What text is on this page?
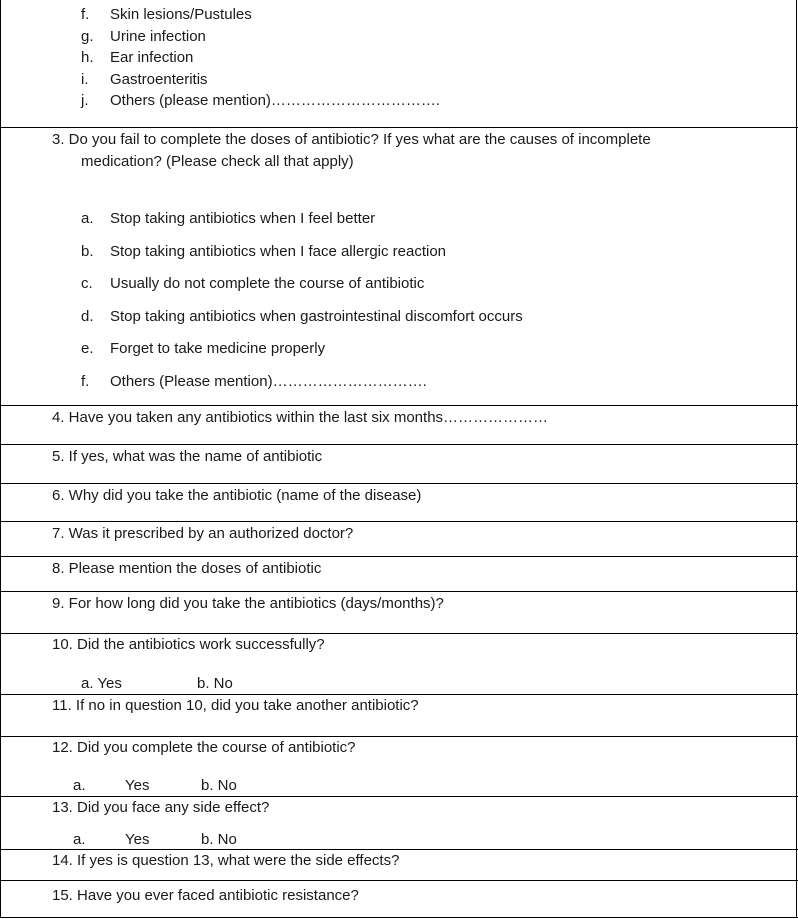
f. Skin lesions/Pustules
g. Urine infection
h. Ear infection
i. Gastroenteritis
j. Others (please mention)…………………………….
3. Do you fail to complete the doses of antibiotic? If yes what are the causes of incomplete
medication? (Please check all that apply)
a. Stop taking antibiotics when I feel better
b. Stop taking antibiotics when I face allergic reaction
c. Usually do not complete the course of antibiotic
d. Stop taking antibiotics when gastrointestinal discomfort occurs
e. Forget to take medicine properly
f. Others (Please mention)………………………….
4. Have you taken any antibiotics within the last six months…………………
5. If yes, what was the name of antibiotic
6. Why did you take the antibiotic (name of the disease)
7. Was it prescribed by an authorized doctor?
8. Please mention the doses of antibiotic
9. For how long did you take the antibiotics (days/months)?
10. Did the antibiotics work successfully?
a. Yes	b. No
11. If no in question 10, did you take another antibiotic?
12. Did you complete the course of antibiotic?
a.	Yes	b. No
13. Did you face any side effect?
a.	Yes	b. No
14. If yes is question 13, what were the side effects?
15. Have you ever faced antibiotic resistance?
